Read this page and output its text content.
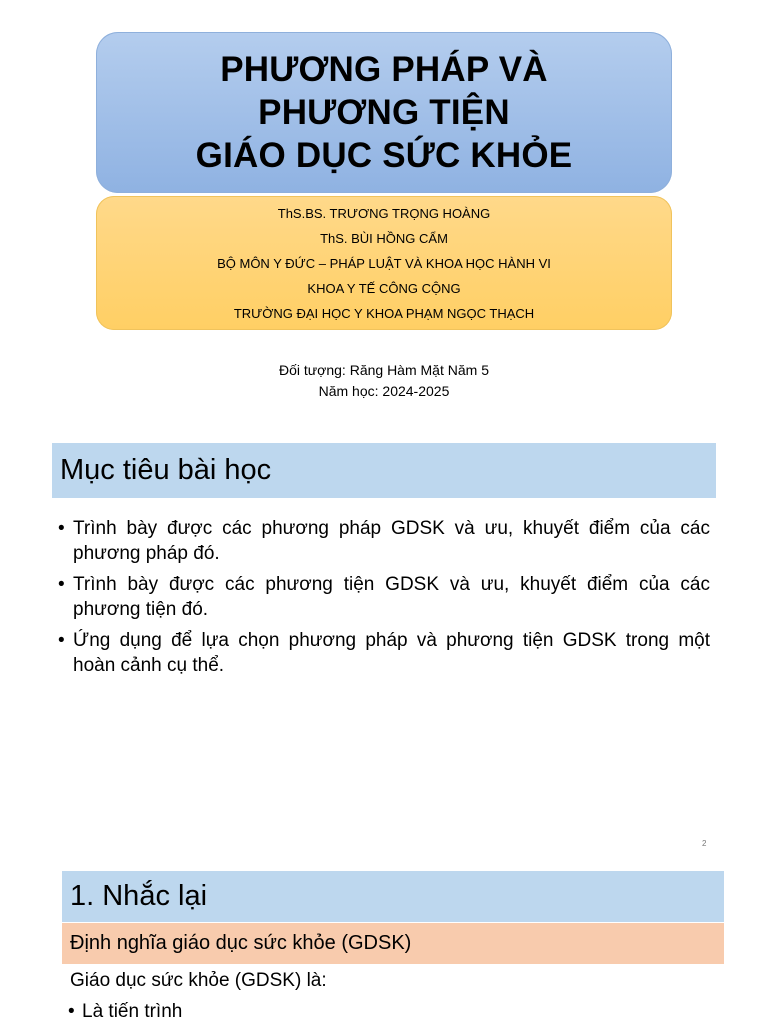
PHƯƠNG PHÁP VÀ
PHƯƠNG TIỆN
GIÁO DỤC SỨC KHỎE
ThS.BS. TRƯƠNG TRỌNG HOÀNG
ThS. BÙI HỒNG CẨM
BỘ MÔN Y ĐỨC – PHÁP LUẬT VÀ KHOA HỌC HÀNH VI
KHOA Y TẾ CÔNG CỘNG
TRƯỜNG ĐẠI HỌC Y KHOA PHẠM NGỌC THẠCH
Đối tượng: Răng Hàm Mặt Năm 5
Năm học: 2024-2025
Mục tiêu bài học
• Trình bày được các phương pháp GDSK và ưu, khuyết điểm của các phương pháp đó.
• Trình bày được các phương tiện GDSK và ưu, khuyết điểm của các phương tiện đó.
• Ứng dụng để lựa chọn phương pháp và phương tiện GDSK trong một hoàn cảnh cụ thể.
2
1. Nhắc lại
Định nghĩa giáo dục sức khỏe (GDSK)
Giáo dục sức khỏe (GDSK) là:
• Là tiến trình
